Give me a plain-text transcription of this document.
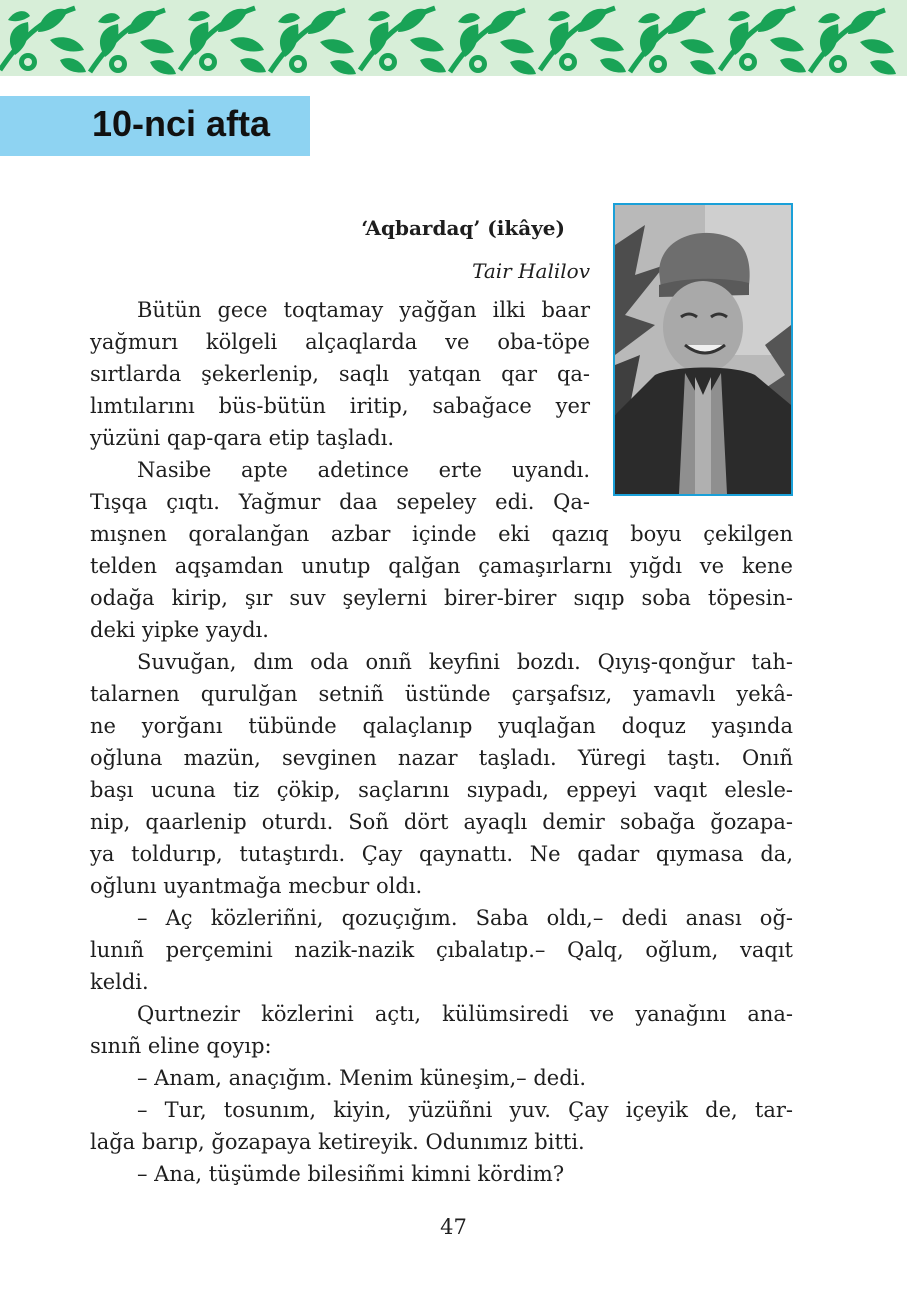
10-nci afta
‘Aqbardaq’ (ikâye)
Tair Halilov
Bütün gece toqtamay yağğan ilki baar
yağmurı kölgeli alçaqlarda ve oba-töpe
sırtlarda şekerlenip, saqlı yatqan qar qa-
lımtılarını büs-bütün iritip, sabağace yer
yüzüni qap-qara etip taşladı.
Nasibe apte adetince erte uyandı.
Tışqa çıqtı. Yağmur daa sepeley edi. Qa-
mışnen qoralanğan azbar içinde eki qazıq boyu çekilgen
telden aqşamdan unutıp qalğan çamaşırlarnı yığdı ve kene
odağa kirip, şır suv şeylerni birer-birer sıqıp soba töpesin-
deki yipke yaydı.
Suvuğan, dım oda onıñ keyfini bozdı. Qıyış-qonğur tah-
talarnen qurulğan setniñ üstünde çarşafsız, yamavlı yekâ-
ne yorğanı tübünde qalaçlanıp yuqlağan doquz yaşında
oğluna mazün, sevginen nazar taşladı. Yüregi taştı. Onıñ
başı ucuna tiz çökip, saçlarını sıypadı, eppeyi vaqıt elesle-
nip, qaarlenip oturdı. Soñ dört ayaqlı demir sobağa ğozapa-
ya toldurıp, tutaştırdı. Çay qaynattı. Ne qadar qıymasa da,
oğlunı uyantmağa mecbur oldı.
– Aç közleriñni, qozuçığım. Saba oldı,– dedi anası oğ-
lunıñ perçemini nazik-nazik çıbalatıp.– Qalq, oğlum, vaqıt
keldi.
Qurtnezir közlerini açtı, külümsiredi ve yanağını ana-
sınıñ eline qoyıp:
– Anam, anaçığım. Menim küneşim,– dedi.
– Tur, tosunım, kiyin, yüzüñni yuv. Çay içeyik de, tar-
lağa barıp, ğozapaya ketireyik. Odunımız bitti.
– Ana, tüşümde bilesiñmi kimni kördim?
47
